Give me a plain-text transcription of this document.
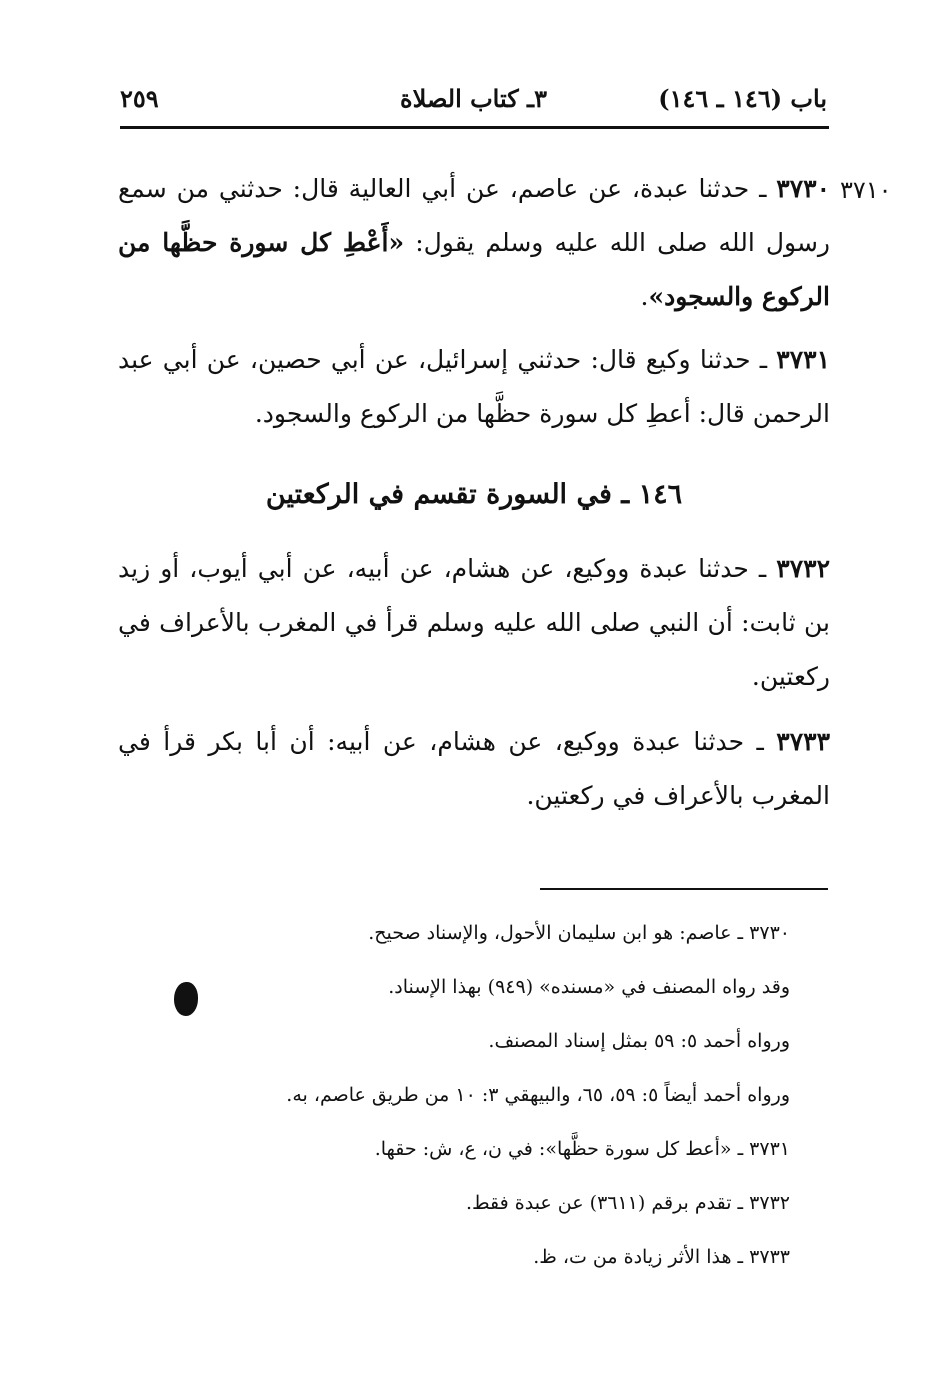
باب (١٤٦ ـ ١٤٦)
٣ـ كتاب الصلاة
٢٥٩
٣٧١٠
٣٧٣٠ ـ حدثنا عبدة، عن عاصم، عن أبي العالية قال: حدثني من سمع رسول الله صلى الله عليه وسلم يقول: «أَعْطِ كل سورة حظَّها من الركوع والسجود».
٣٧٣١ ـ حدثنا وكيع قال: حدثني إسرائيل، عن أبي حصين، عن أبي عبد الرحمن قال: أعطِ كل سورة حظَّها من الركوع والسجود.
١٤٦ ـ في السورة تقسم في الركعتين
٣٧٣٢ ـ حدثنا عبدة ووكيع، عن هشام، عن أبيه، عن أبي أيوب، أو زيد بن ثابت: أن النبي صلى الله عليه وسلم قرأ في المغرب بالأعراف في ركعتين.
٣٧٣٣ ـ حدثنا عبدة ووكيع، عن هشام، عن أبيه: أن أبا بكر قرأ في المغرب بالأعراف في ركعتين.
٣٧٣٠ ـ عاصم: هو ابن سليمان الأحول، والإسناد صحيح.
وقد رواه المصنف في «مسنده» (٩٤٩) بهذا الإسناد.
ورواه أحمد ٥: ٥٩ بمثل إسناد المصنف.
ورواه أحمد أيضاً ٥: ٥٩، ٦٥، والبيهقي ٣: ١٠ من طريق عاصم، به.
٣٧٣١ ـ «أعط كل سورة حظَّها»: في ن، ع، ش: حقها.
٣٧٣٢ ـ تقدم برقم (٣٦١١) عن عبدة فقط.
٣٧٣٣ ـ هذا الأثر زيادة من ت، ظ.
